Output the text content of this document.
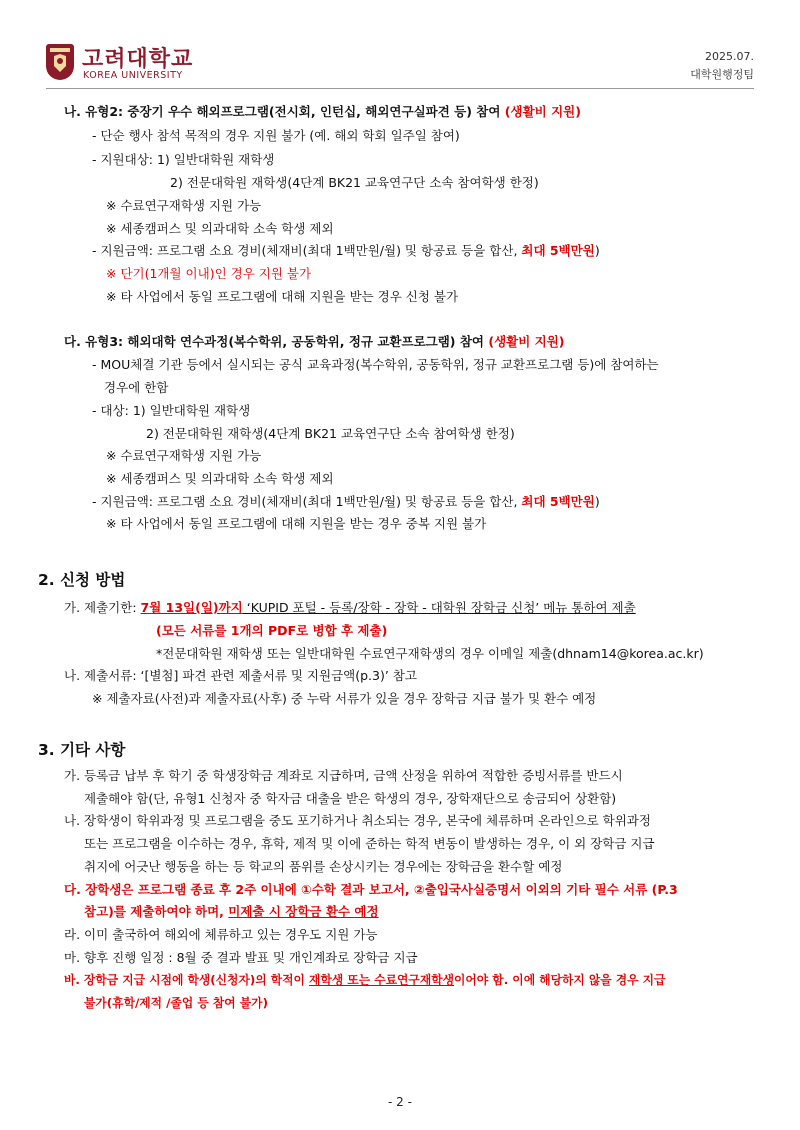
고려대학교
KOREA UNIVERSITY
2025.07.
대학원행정팀
나. 유형2: 중장기 우수 해외프로그램(전시회, 인턴십, 해외연구실파견 등) 참여 (생활비 지원)
- 단순 행사 참석 목적의 경우 지원 불가 (예. 해외 학회 일주일 참여)
- 지원대상: 1) 일반대학원 재학생
2) 전문대학원 재학생(4단계 BK21 교육연구단 소속 참여학생 한정)
※ 수료연구재학생 지원 가능
※ 세종캠퍼스 및 의과대학 소속 학생 제외
- 지원금액: 프로그램 소요 경비(체재비(최대 1백만원/월) 및 항공료 등을 합산, 최대 5백만원)
※ 단기(1개월 이내)인 경우 지원 불가
※ 타 사업에서 동일 프로그램에 대해 지원을 받는 경우 신청 불가
다. 유형3: 해외대학 연수과정(복수학위, 공동학위, 정규 교환프로그램) 참여 (생활비 지원)
- MOU체결 기관 등에서 실시되는 공식 교육과정(복수학위, 공동학위, 정규 교환프로그램 등)에 참여하는
경우에 한함
- 대상: 1) 일반대학원 재학생
2) 전문대학원 재학생(4단계 BK21 교육연구단 소속 참여학생 한정)
※ 수료연구재학생 지원 가능
※ 세종캠퍼스 및 의과대학 소속 학생 제외
- 지원금액: 프로그램 소요 경비(체재비(최대 1백만원/월) 및 항공료 등을 합산, 최대 5백만원)
※ 타 사업에서 동일 프로그램에 대해 지원을 받는 경우 중복 지원 불가
2. 신청 방법
가. 제출기한: 7월 13일(일)까지 ‘KUPID 포털 - 등록/장학 - 장학 - 대학원 장학금 신청’ 메뉴 통하여 제출
(모든 서류를 1개의 PDF로 병합 후 제출)
*전문대학원 재학생 또는 일반대학원 수료연구재학생의 경우 이메일 제출(dhnam14@korea.ac.kr)
나. 제출서류: ‘[별첨] 파견 관련 제출서류 및 지원금액(p.3)’ 참고
※ 제출자료(사전)과 제출자료(사후) 중 누락 서류가 있을 경우 장학금 지급 불가 및 환수 예정
3. 기타 사항
가. 등록금 납부 후 학기 중 학생장학금 계좌로 지급하며, 금액 산정을 위하여 적합한 증빙서류를 반드시
제출해야 함(단, 유형1 신청자 중 학자금 대출을 받은 학생의 경우, 장학재단으로 송금되어 상환함)
나. 장학생이 학위과정 및 프로그램을 중도 포기하거나 취소되는 경우, 본국에 체류하며 온라인으로 학위과정
또는 프로그램을 이수하는 경우, 휴학, 제적 및 이에 준하는 학적 변동이 발생하는 경우, 이 외 장학금 지급
취지에 어긋난 행동을 하는 등 학교의 품위를 손상시키는 경우에는 장학금을 환수할 예정
다. 장학생은 프로그램 종료 후 2주 이내에 ①수학 결과 보고서, ②출입국사실증명서 이외의 기타 필수 서류 (P.3
참고)를 제출하여야 하며, 미제출 시 장학금 환수 예정
라. 이미 출국하여 해외에 체류하고 있는 경우도 지원 가능
마. 향후 진행 일정 : 8월 중 결과 발표 및 개인계좌로 장학금 지급
바. 장학금 지급 시점에 학생(신청자)의 학적이 재학생 또는 수료연구재학생이어야 함. 이에 해당하지 않을 경우 지급
불가(휴학/제적 /졸업 등 참여 불가)
- 2 -
